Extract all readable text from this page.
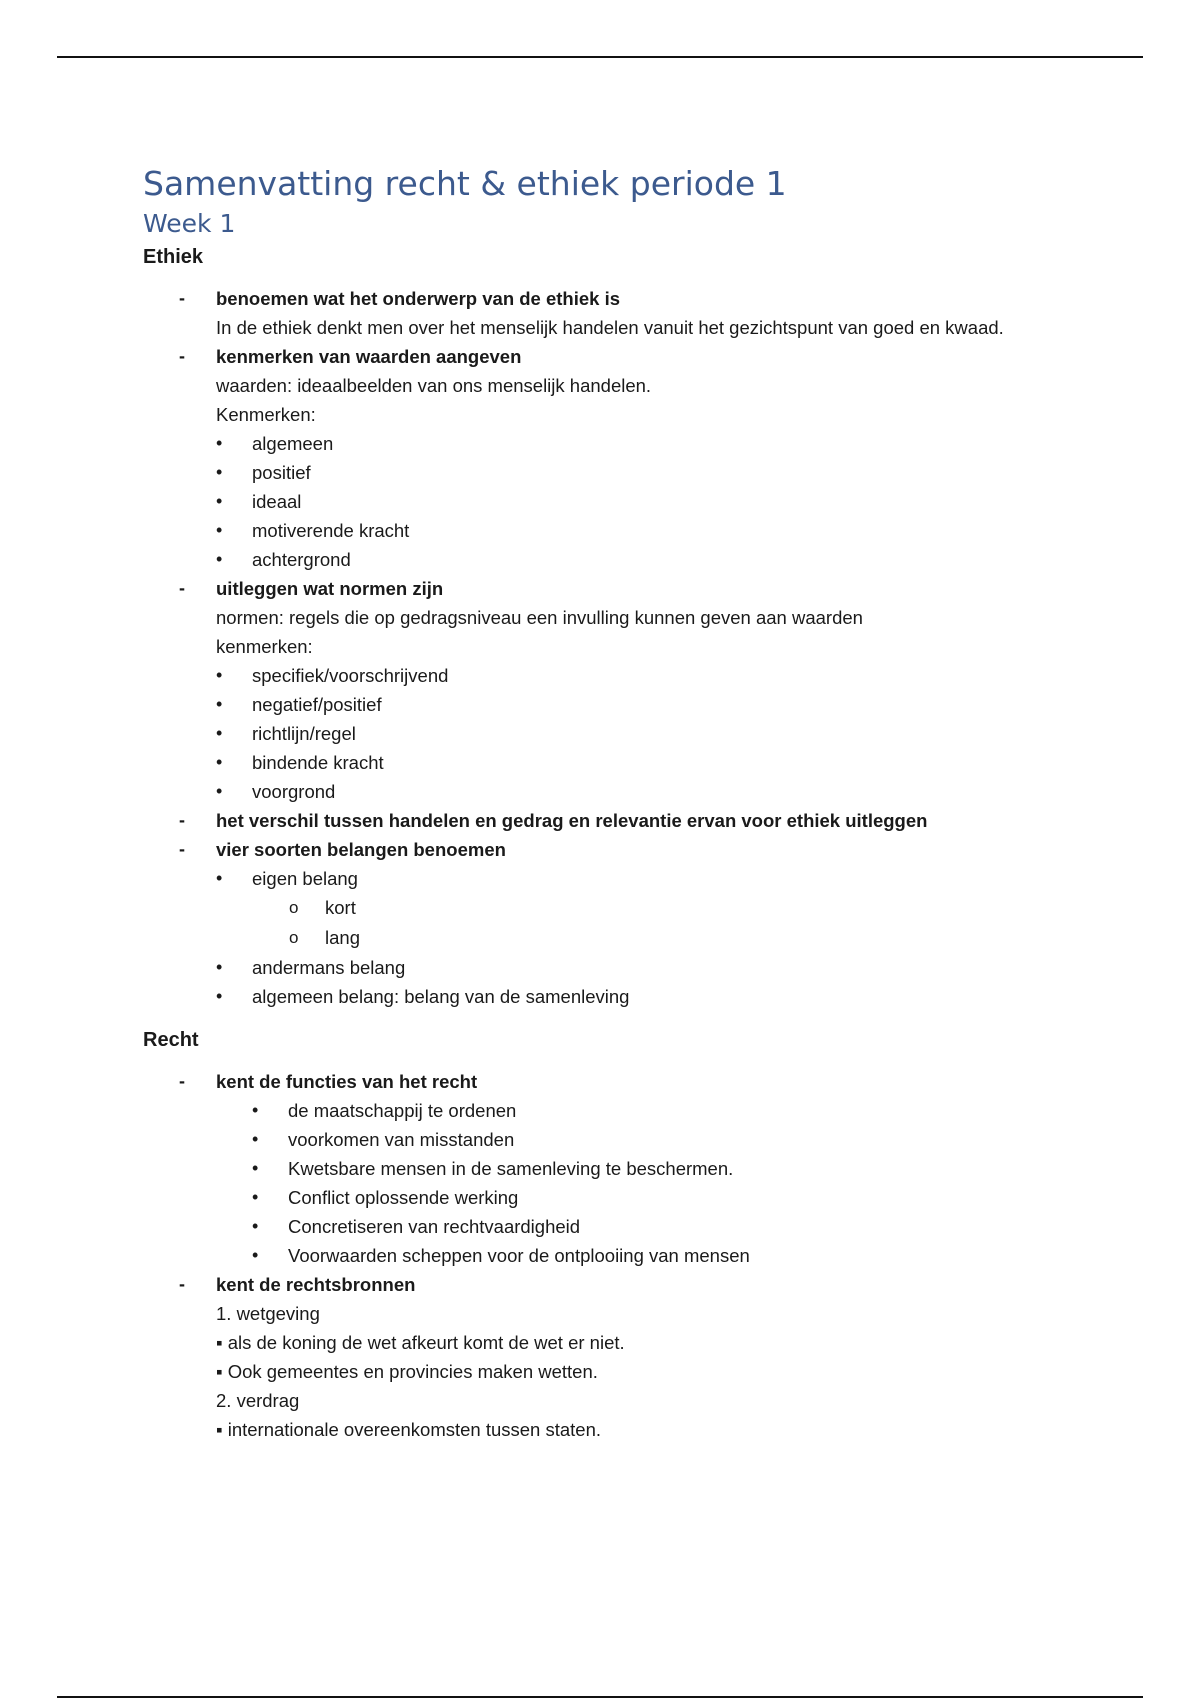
Samenvatting recht & ethiek periode 1
Week 1
Ethiek
- benoemen wat het onderwerp van de ethiek is
In de ethiek denkt men over het menselijk handelen vanuit het gezichtspunt van goed en kwaad.
- kenmerken van waarden aangeven
waarden: ideaalbeelden van ons menselijk handelen.
Kenmerken:
• algemeen
• positief
• ideaal
• motiverende kracht
• achtergrond
- uitleggen wat normen zijn
normen: regels die op gedragsniveau een invulling kunnen geven aan waarden
kenmerken:
• specifiek/voorschrijvend
• negatief/positief
• richtlijn/regel
• bindende kracht
• voorgrond
- het verschil tussen handelen en gedrag en relevantie ervan voor ethiek uitleggen
- vier soorten belangen benoemen
• eigen belang
o kort
o lang
• andermans belang
• algemeen belang: belang van de samenleving
Recht
- kent de functies van het recht
• de maatschappij te ordenen
• voorkomen van misstanden
• Kwetsbare mensen in de samenleving te beschermen.
• Conflict oplossende werking
• Concretiseren van rechtvaardigheid
• Voorwaarden scheppen voor de ontplooiing van mensen
- kent de rechtsbronnen
1. wetgeving
▪ als de koning de wet afkeurt komt de wet er niet.
▪ Ook gemeentes en provincies maken wetten.
2. verdrag
▪ internationale overeenkomsten tussen staten.
